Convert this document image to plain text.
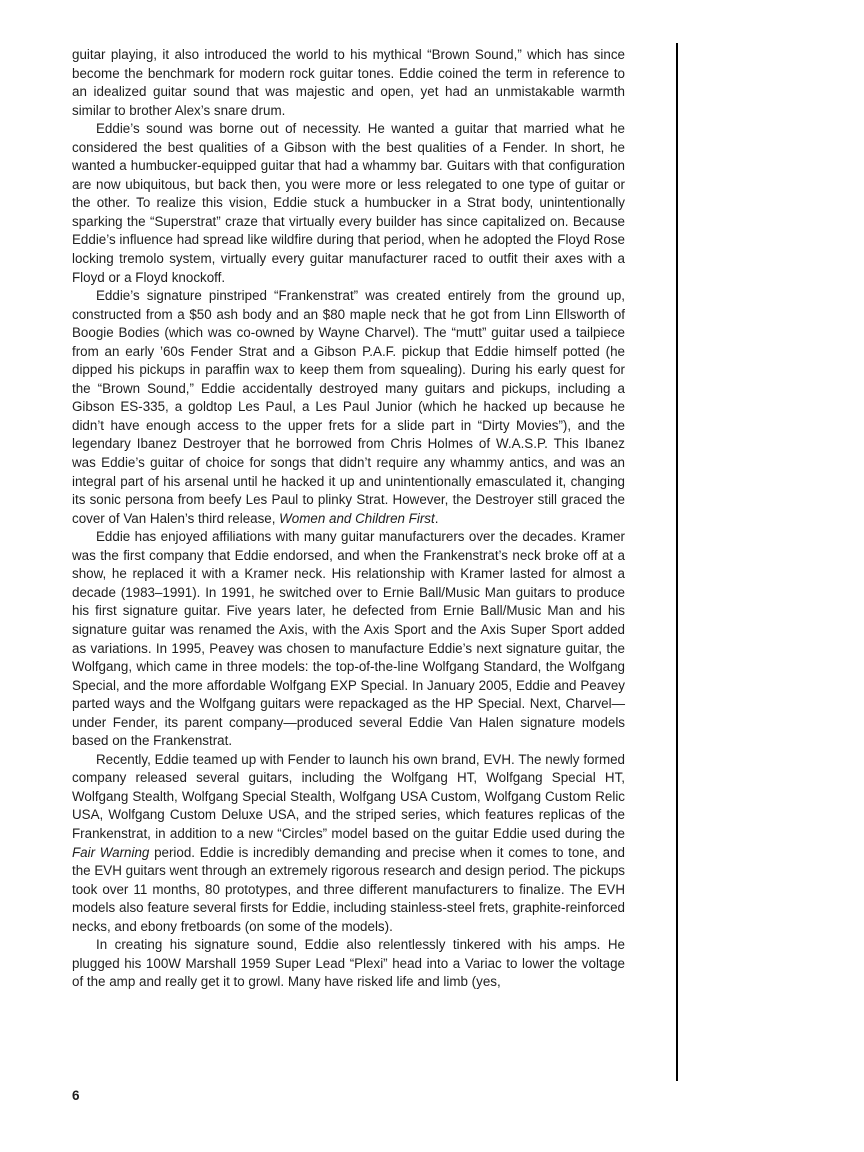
guitar playing, it also introduced the world to his mythical “Brown Sound,” which has since become the benchmark for modern rock guitar tones. Eddie coined the term in reference to an idealized guitar sound that was majestic and open, yet had an unmistakable warmth similar to brother Alex’s snare drum.

Eddie’s sound was borne out of necessity. He wanted a guitar that married what he considered the best qualities of a Gibson with the best qualities of a Fender. In short, he wanted a humbucker-equipped guitar that had a whammy bar. Guitars with that configuration are now ubiquitous, but back then, you were more or less relegated to one type of guitar or the other. To realize this vision, Eddie stuck a humbucker in a Strat body, unintentionally sparking the “Superstrat” craze that virtually every builder has since capitalized on. Because Eddie’s influence had spread like wildfire during that period, when he adopted the Floyd Rose locking tremolo system, virtually every guitar manufacturer raced to outfit their axes with a Floyd or a Floyd knockoff.

Eddie’s signature pinstriped “Frankenstrat” was created entirely from the ground up, constructed from a $50 ash body and an $80 maple neck that he got from Linn Ellsworth of Boogie Bodies (which was co-owned by Wayne Charvel). The “mutt” guitar used a tailpiece from an early ’60s Fender Strat and a Gibson P.A.F. pickup that Eddie himself potted (he dipped his pickups in paraffin wax to keep them from squealing). During his early quest for the “Brown Sound,” Eddie accidentally destroyed many guitars and pickups, including a Gibson ES-335, a goldtop Les Paul, a Les Paul Junior (which he hacked up because he didn’t have enough access to the upper frets for a slide part in “Dirty Movies”), and the legendary Ibanez Destroyer that he borrowed from Chris Holmes of W.A.S.P. This Ibanez was Eddie’s guitar of choice for songs that didn’t require any whammy antics, and was an integral part of his arsenal until he hacked it up and unintentionally emasculated it, changing its sonic persona from beefy Les Paul to plinky Strat. However, the Destroyer still graced the cover of Van Halen’s third release, Women and Children First.

Eddie has enjoyed affiliations with many guitar manufacturers over the decades. Kramer was the first company that Eddie endorsed, and when the Frankenstrat’s neck broke off at a show, he replaced it with a Kramer neck. His relationship with Kramer lasted for almost a decade (1983–1991). In 1991, he switched over to Ernie Ball/Music Man guitars to produce his first signature guitar. Five years later, he defected from Ernie Ball/Music Man and his signature guitar was renamed the Axis, with the Axis Sport and the Axis Super Sport added as variations. In 1995, Peavey was chosen to manufacture Eddie’s next signature guitar, the Wolfgang, which came in three models: the top-of-the-line Wolfgang Standard, the Wolfgang Special, and the more affordable Wolfgang EXP Special. In January 2005, Eddie and Peavey parted ways and the Wolfgang guitars were repackaged as the HP Special. Next, Charvel—under Fender, its parent company—produced several Eddie Van Halen signature models based on the Frankenstrat.

Recently, Eddie teamed up with Fender to launch his own brand, EVH. The newly formed company released several guitars, including the Wolfgang HT, Wolfgang Special HT, Wolfgang Stealth, Wolfgang Special Stealth, Wolfgang USA Custom, Wolfgang Custom Relic USA, Wolfgang Custom Deluxe USA, and the striped series, which features replicas of the Frankenstrat, in addition to a new “Circles” model based on the guitar Eddie used during the Fair Warning period. Eddie is incredibly demanding and precise when it comes to tone, and the EVH guitars went through an extremely rigorous research and design period. The pickups took over 11 months, 80 prototypes, and three different manufacturers to finalize. The EVH models also feature several firsts for Eddie, including stainless-steel frets, graphite-reinforced necks, and ebony fretboards (on some of the models).

In creating his signature sound, Eddie also relentlessly tinkered with his amps. He plugged his 100W Marshall 1959 Super Lead “Plexi” head into a Variac to lower the voltage of the amp and really get it to growl. Many have risked life and limb (yes,

6
